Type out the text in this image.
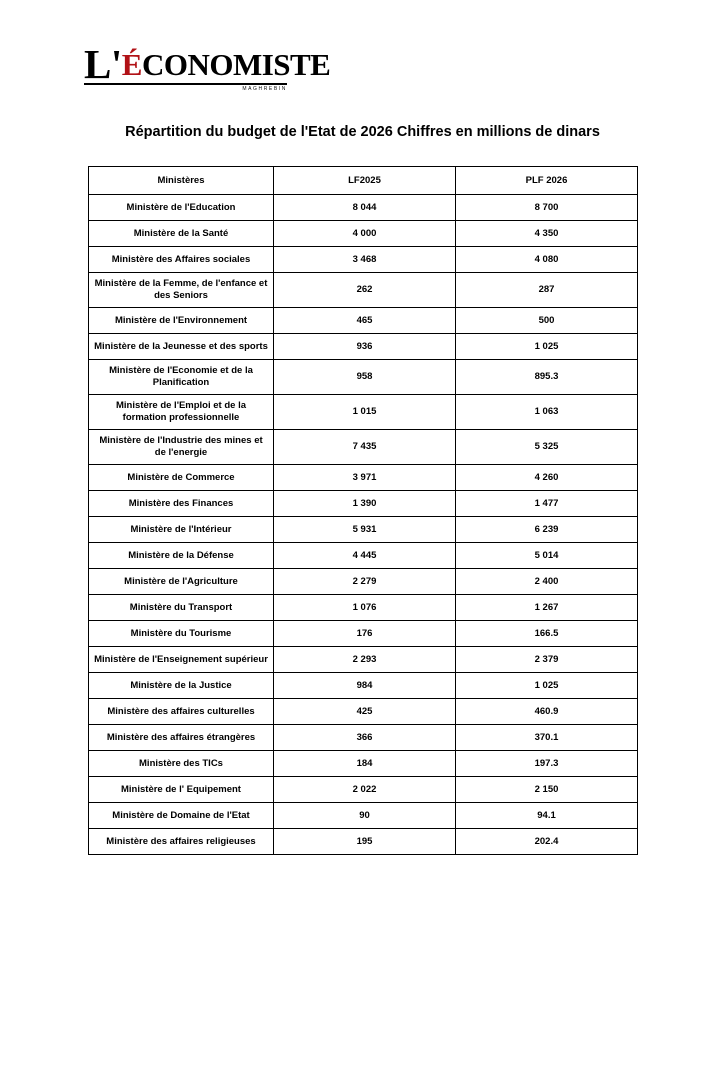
L'ÉCONOMISTE
MAGHREBIN
Répartition du budget de l'Etat de 2026 Chiffres en millions de dinars
Ministères	LF2025	PLF 2026
Ministère de l'Education	8 044	8 700
Ministère de la Santé	4 000	4 350
Ministère des Affaires sociales	3 468	4 080
Ministère de la Femme, de l'enfance et des Seniors	262	287
Ministère de l'Environnement	465	500
Ministère de la Jeunesse et des sports	936	1 025
Ministère de l'Economie et de la Planification	958	895.3
Ministère de l'Emploi et de la formation professionnelle	1 015	1 063
Ministère de l'Industrie des mines et de l'energie	7 435	5 325
Ministère de Commerce	3 971	4 260
Ministère des Finances	1 390	1 477
Ministère de l'Intérieur	5 931	6 239
Ministère de la Défense	4 445	5 014
Ministère de l'Agriculture	2 279	2 400
Ministère du Transport	1 076	1 267
Ministère du Tourisme	176	166.5
Ministère de l'Enseignement supérieur	2 293	2 379
Ministère de la Justice	984	1 025
Ministère des affaires culturelles	425	460.9
Ministère des affaires étrangères	366	370.1
Ministère des TICs	184	197.3
Ministère de l' Equipement	2 022	2 150
Ministère de Domaine de l'Etat	90	94.1
Ministère des affaires religieuses	195	202.4
